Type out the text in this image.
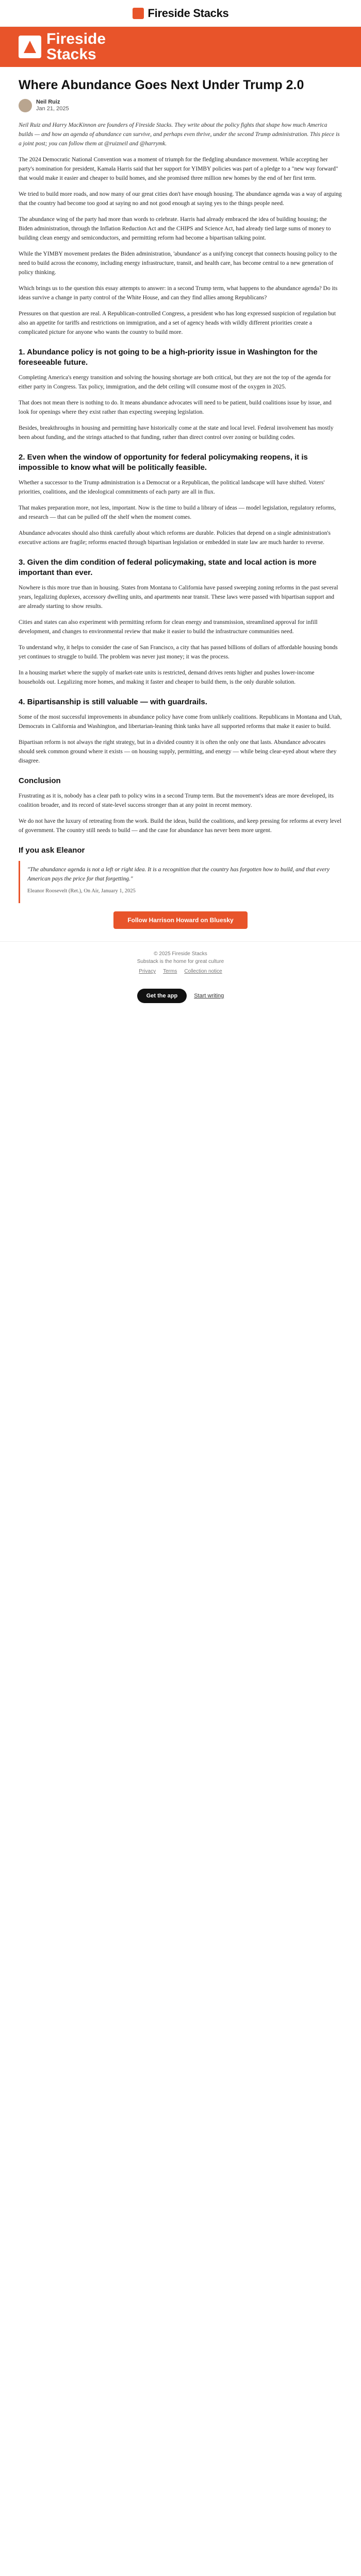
Fireside Stacks
Fireside
Stacks
Where Abundance Goes Next Under Trump 2.0
Neil Ruiz
Jan 21, 2025

Neil Ruiz and Harry MacKinnon are founders of Fireside Stacks. They write about the policy fights that shape how much America builds — and how an agenda of abundance can survive, and perhaps even thrive, under the second Trump administration. This piece is a joint post; you can follow them at @ruizneil and @harrymk.

The 2024 Democratic National Convention was a moment of triumph for the fledgling abundance movement. While accepting her party's nomination for president, Kamala Harris said that her support for YIMBY policies was part of a pledge to a "new way forward" that would make it easier and cheaper to build homes, and she promised three million new homes by the end of her first term.

We tried to build more roads, and now many of our great cities don't have enough housing. The abundance agenda was a way of arguing that the country had become too good at saying no and not good enough at saying yes to the things people need.

The abundance wing of the party had more than words to celebrate. Harris had already embraced the idea of building housing; the Biden administration, through the Inflation Reduction Act and the CHIPS and Science Act, had already tied large sums of money to building clean energy and semiconductors, and permitting reform had become a bipartisan talking point.

While the YIMBY movement predates the Biden administration, 'abundance' as a unifying concept that connects housing policy to the need to build across the economy, including energy infrastructure, transit, and health care, has become central to a new generation of policy thinking.

Which brings us to the question this essay attempts to answer: in a second Trump term, what happens to the abundance agenda? Do its ideas survive a change in party control of the White House, and can they find allies among Republicans?

Pressures on that question are real. A Republican-controlled Congress, a president who has long expressed suspicion of regulation but also an appetite for tariffs and restrictions on immigration, and a set of agency heads with wildly different priorities create a complicated picture for anyone who wants the country to build more.

1. Abundance policy is not going to be a high-priority issue in Washington for the foreseeable future.

Completing America's energy transition and solving the housing shortage are both critical, but they are not the top of the agenda for either party in Congress. Tax policy, immigration, and the debt ceiling will consume most of the oxygen in 2025.

That does not mean there is nothing to do. It means abundance advocates will need to be patient, build coalitions issue by issue, and look for openings where they exist rather than expecting sweeping legislation.

Besides, breakthroughs in housing and permitting have historically come at the state and local level. Federal involvement has mostly been about funding, and the strings attached to that funding, rather than direct control over zoning or building codes.

2. Even when the window of opportunity for federal policymaking reopens, it is impossible to know what will be politically feasible.

Whether a successor to the Trump administration is a Democrat or a Republican, the political landscape will have shifted. Voters' priorities, coalitions, and the ideological commitments of each party are all in flux.

That makes preparation more, not less, important. Now is the time to build a library of ideas — model legislation, regulatory reforms, and research — that can be pulled off the shelf when the moment comes.

Abundance advocates should also think carefully about which reforms are durable. Policies that depend on a single administration's executive actions are fragile; reforms enacted through bipartisan legislation or embedded in state law are much harder to reverse.

3. Given the dim condition of federal policymaking, state and local action is more important than ever.

Nowhere is this more true than in housing. States from Montana to California have passed sweeping zoning reforms in the past several years, legalizing duplexes, accessory dwelling units, and apartments near transit. These laws were passed with bipartisan support and are already starting to show results.

Cities and states can also experiment with permitting reform for clean energy and transmission, streamlined approval for infill development, and changes to environmental review that make it easier to build the infrastructure communities need.

To understand why, it helps to consider the case of San Francisco, a city that has passed billions of dollars of affordable housing bonds yet continues to struggle to build. The problem was never just money; it was the process.

In a housing market where the supply of market-rate units is restricted, demand drives rents higher and pushes lower-income households out. Legalizing more homes, and making it faster and cheaper to build them, is the only durable solution.

4. Bipartisanship is still valuable — with guardrails.

Some of the most successful improvements in abundance policy have come from unlikely coalitions. Republicans in Montana and Utah, Democrats in California and Washington, and libertarian-leaning think tanks have all supported reforms that make it easier to build.

Bipartisan reform is not always the right strategy, but in a divided country it is often the only one that lasts. Abundance advocates should seek common ground where it exists — on housing supply, permitting, and energy — while being clear-eyed about where they disagree.

Conclusion

Frustrating as it is, nobody has a clear path to policy wins in a second Trump term. But the movement's ideas are more developed, its coalition broader, and its record of state-level success stronger than at any point in recent memory.

We do not have the luxury of retreating from the work. Build the ideas, build the coalitions, and keep pressing for reforms at every level of government. The country still needs to build — and the case for abundance has never been more urgent.

If you ask Eleanor

"The abundance agenda is not a left or right idea. It is a recognition that the country has forgotten how to build, and that every American pays the price for that forgetting."

Eleanor Roosevelt (Ret.), On Air, January 1, 2025

Follow Harrison Howard on Bluesky
© 2025 Fireside Stacks
Substack is the home for great culture
Privacy Terms Collection notice
Get the app	Start writing
